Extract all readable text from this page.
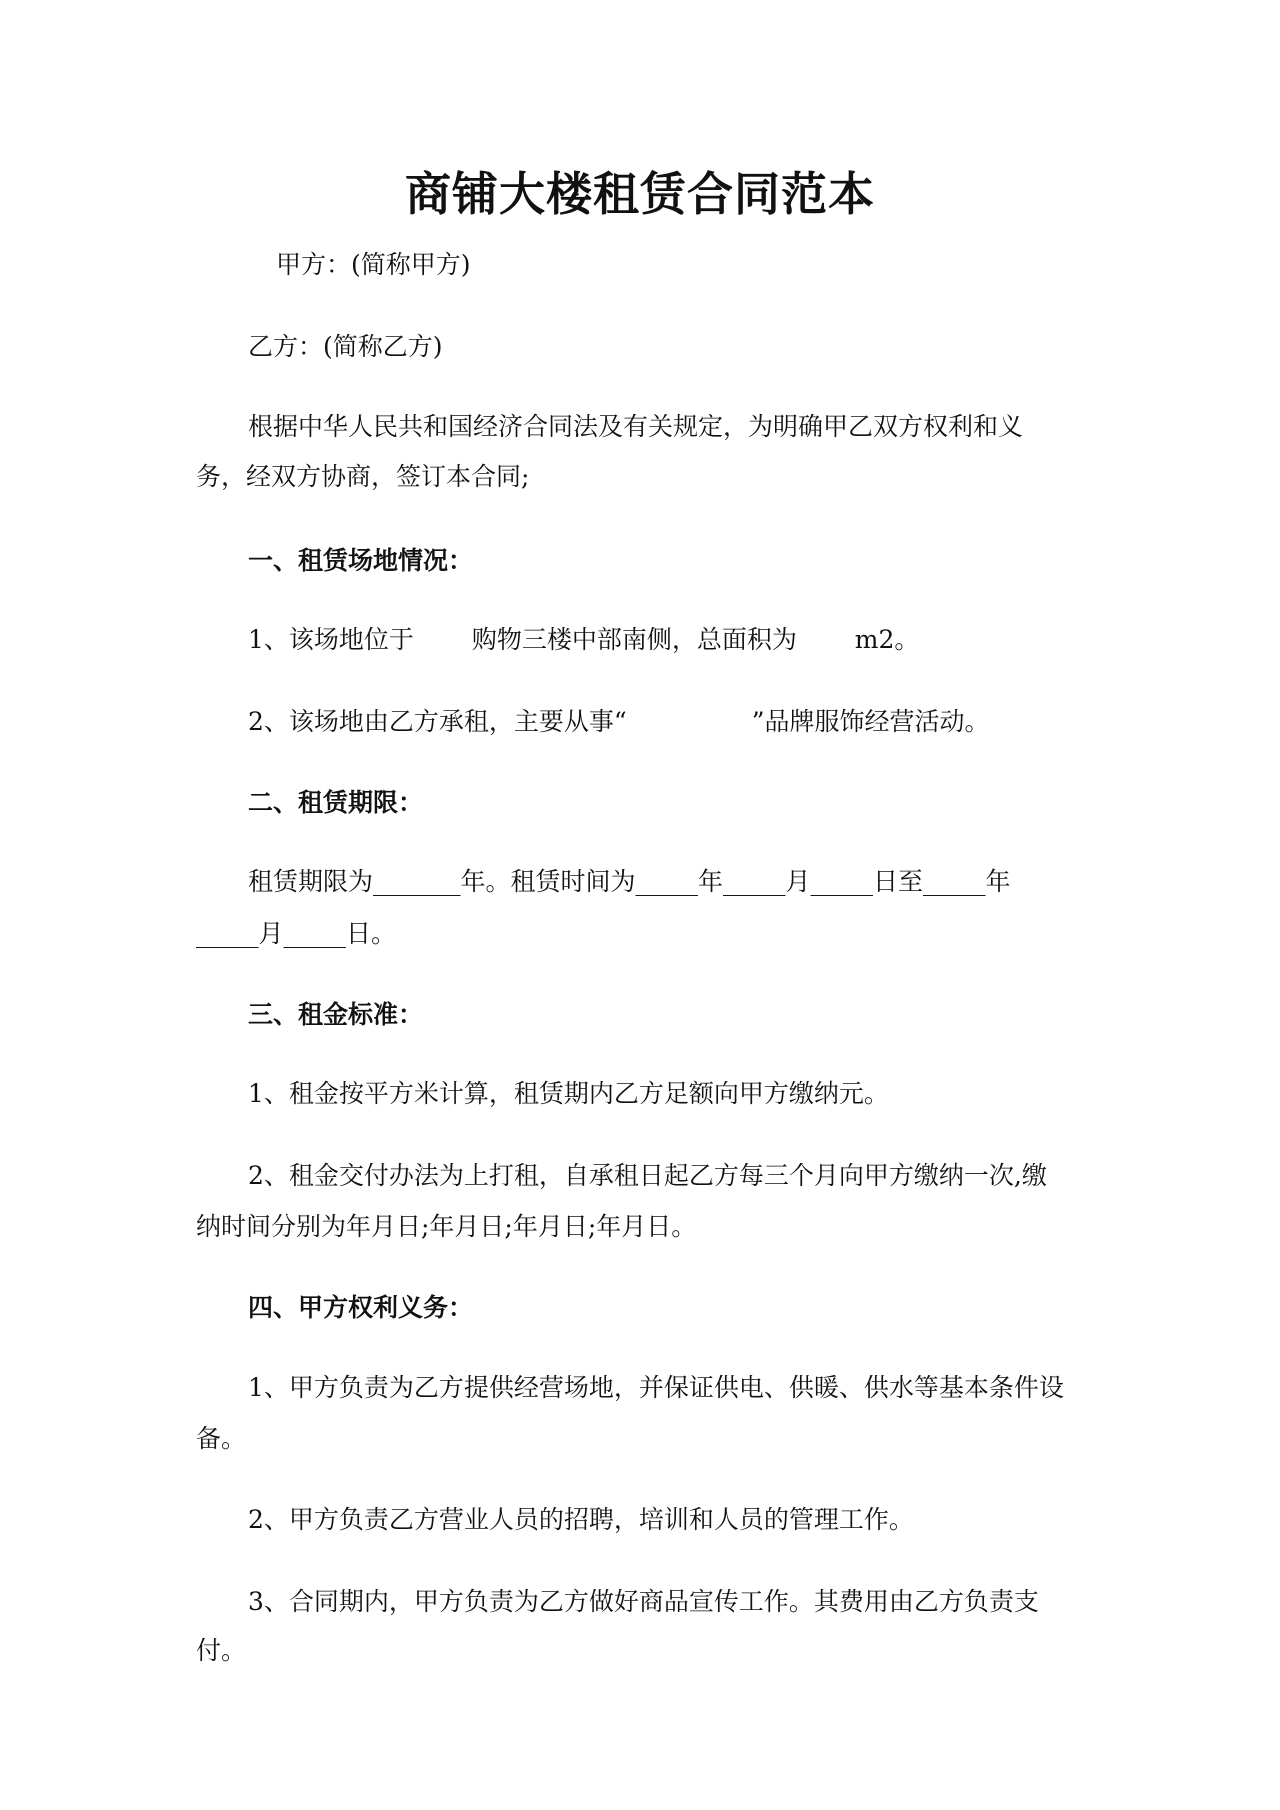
商铺大楼租赁合同范本
甲方：(简称甲方)
乙方：(简称乙方)
根据中华人民共和国经济合同法及有关规定，为明确甲乙双方权利和义
务，经双方协商，签订本合同;
一、租赁场地情况：
1、该场地位于　　 购物三楼中部南侧，总面积为　　 m2。
2、该场地由乙方承租，主要从事“　　　　　”品牌服饰经营活动。
二、租赁期限：
租赁期限为_______年。租赁时间为_____年_____月_____日至_____年
_____月_____日。
三、租金标准：
1、租金按平方米计算，租赁期内乙方足额向甲方缴纳元。
2、租金交付办法为上打租，自承租日起乙方每三个月向甲方缴纳一次,缴
纳时间分别为年月日;年月日;年月日;年月日。
四、甲方权利义务：
1、甲方负责为乙方提供经营场地，并保证供电、供暖、供水等基本条件设
备。
2、甲方负责乙方营业人员的招聘，培训和人员的管理工作。
3、合同期内，甲方负责为乙方做好商品宣传工作。其费用由乙方负责支
付。
